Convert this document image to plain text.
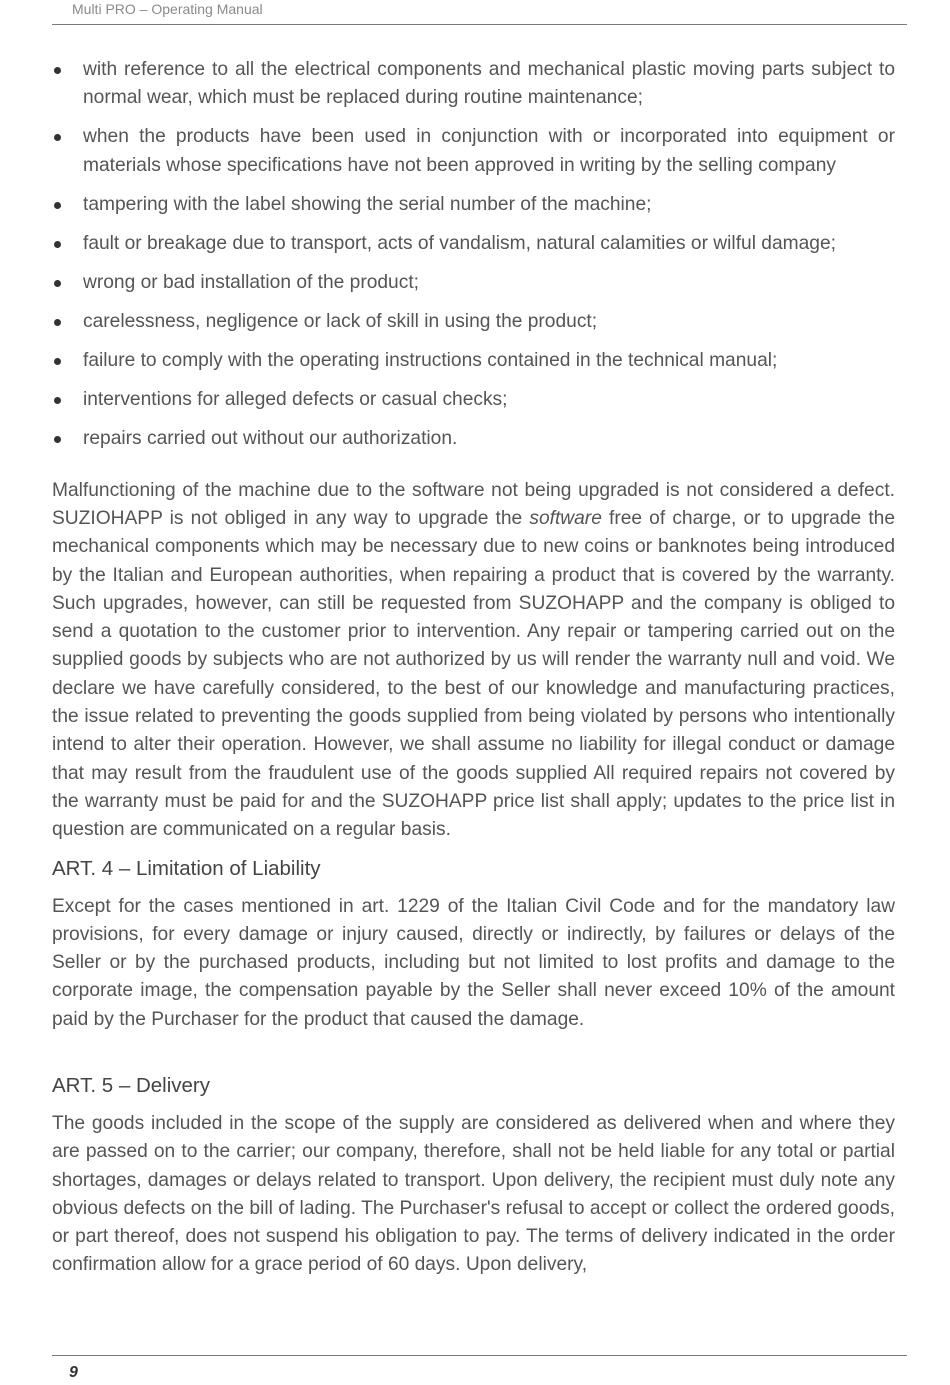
Multi PRO – Operating Manual
with reference to all the electrical components and mechanical plastic moving parts subject to normal wear, which must be replaced during routine maintenance;
when the products have been used in conjunction with or incorporated into equipment or materials whose specifications have not been approved in writing by the selling company
tampering with the label showing the serial number of the machine;
fault or breakage due to transport, acts of vandalism, natural calamities or wilful damage;
wrong or bad installation of the product;
carelessness, negligence or lack of skill in using the product;
failure to comply with the operating instructions contained in the technical manual;
interventions for alleged defects or casual checks;
repairs carried out without our authorization.

Malfunctioning of the machine due to the software not being upgraded is not considered a defect. SUZIOHAPP is not obliged in any way to upgrade the software free of charge, or to upgrade the mechanical components which may be necessary due to new coins or banknotes being introduced by the Italian and European authorities, when repairing a product that is covered by the warranty. Such upgrades, however, can still be requested from SUZOHAPP and the company is obliged to send a quotation to the customer prior to intervention. Any repair or tampering carried out on the supplied goods by subjects who are not authorized by us will render the warranty null and void. We declare we have carefully considered, to the best of our knowledge and manufacturing practices, the issue related to preventing the goods supplied from being violated by persons who intentionally intend to alter their operation. However, we shall assume no liability for illegal conduct or damage that may result from the fraudulent use of the goods supplied All required repairs not covered by the warranty must be paid for and the SUZOHAPP price list shall apply; updates to the price list in question are communicated on a regular basis.

ART. 4 – Limitation of Liability

Except for the cases mentioned in art. 1229 of the Italian Civil Code and for the mandatory law provisions, for every damage or injury caused, directly or indirectly, by failures or delays of the Seller or by the purchased products, including but not limited to lost profits and damage to the corporate image, the compensation payable by the Seller shall never exceed 10% of the amount paid by the Purchaser for the product that caused the damage.

ART. 5 – Delivery

The goods included in the scope of the supply are considered as delivered when and where they are passed on to the carrier; our company, therefore, shall not be held liable for any total or partial shortages, damages or delays related to transport. Upon delivery, the recipient must duly note any obvious defects on the bill of lading. The Purchaser's refusal to accept or collect the ordered goods, or part thereof, does not suspend his obligation to pay. The terms of delivery indicated in the order confirmation allow for a grace period of 60 days. Upon delivery,

9
